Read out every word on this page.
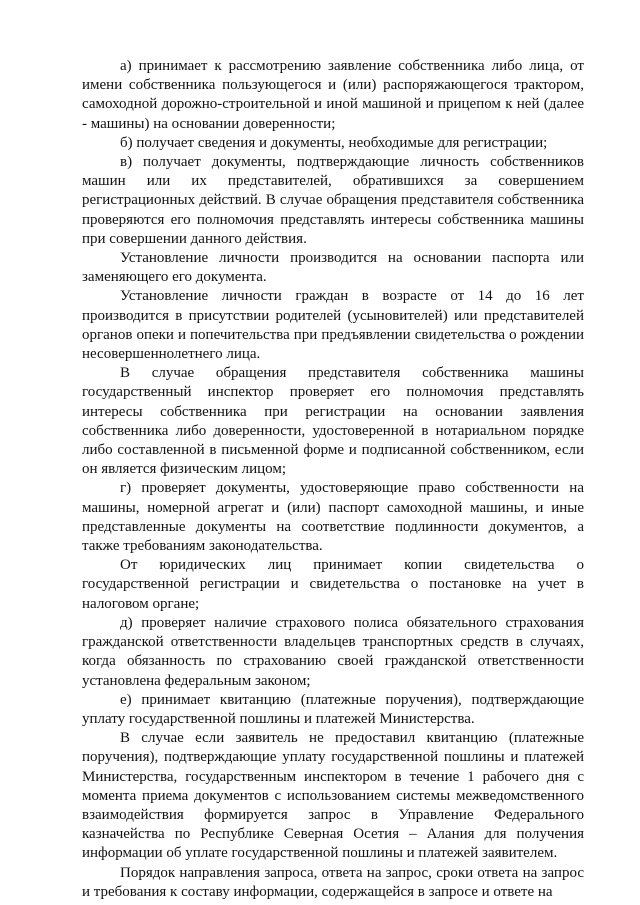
а) принимает к рассмотрению заявление собственника либо лица, от имени собственника пользующегося и (или) распоряжающегося трактором, самоходной дорожно-строительной и иной машиной и прицепом к ней (далее - машины) на основании доверенности;

б) получает сведения и документы, необходимые для регистрации;

в) получает документы, подтверждающие личность собственников машин или их представителей, обратившихся за совершением регистрационных действий. В случае обращения представителя собственника проверяются его полномочия представлять интересы собственника машины при совершении данного действия.

Установление личности производится на основании паспорта или заменяющего его документа.

Установление личности граждан в возрасте от 14 до 16 лет производится в присутствии родителей (усыновителей) или представителей органов опеки и попечительства при предъявлении свидетельства о рождении несовершеннолетнего лица.

В случае обращения представителя собственника машины государственный инспектор проверяет его полномочия представлять интересы собственника при регистрации на основании заявления собственника либо доверенности, удостоверенной в нотариальном порядке либо составленной в письменной форме и подписанной собственником, если он является физическим лицом;

г) проверяет документы, удостоверяющие право собственности на машины, номерной агрегат и (или) паспорт самоходной машины, и иные представленные документы на соответствие подлинности документов, а также требованиям законодательства.

От юридических лиц принимает копии свидетельства о государственной регистрации и свидетельства о постановке на учет в налоговом органе;

д) проверяет наличие страхового полиса обязательного страхования гражданской ответственности владельцев транспортных средств в случаях, когда обязанность по страхованию своей гражданской ответственности установлена федеральным законом;

е) принимает квитанцию (платежные поручения), подтверждающие уплату государственной пошлины и платежей Министерства.

В случае если заявитель не предоставил квитанцию (платежные поручения), подтверждающие уплату государственной пошлины и платежей Министерства, государственным инспектором в течение 1 рабочего дня с момента приема документов с использованием системы межведомственного взаимодействия формируется запрос в Управление Федерального казначейства по Республике Северная Осетия – Алания для получения информации об уплате государственной пошлины и платежей заявителем.

Порядок направления запроса, ответа на запрос, сроки ответа на запрос и требования к составу информации, содержащейся в запросе и ответе на
